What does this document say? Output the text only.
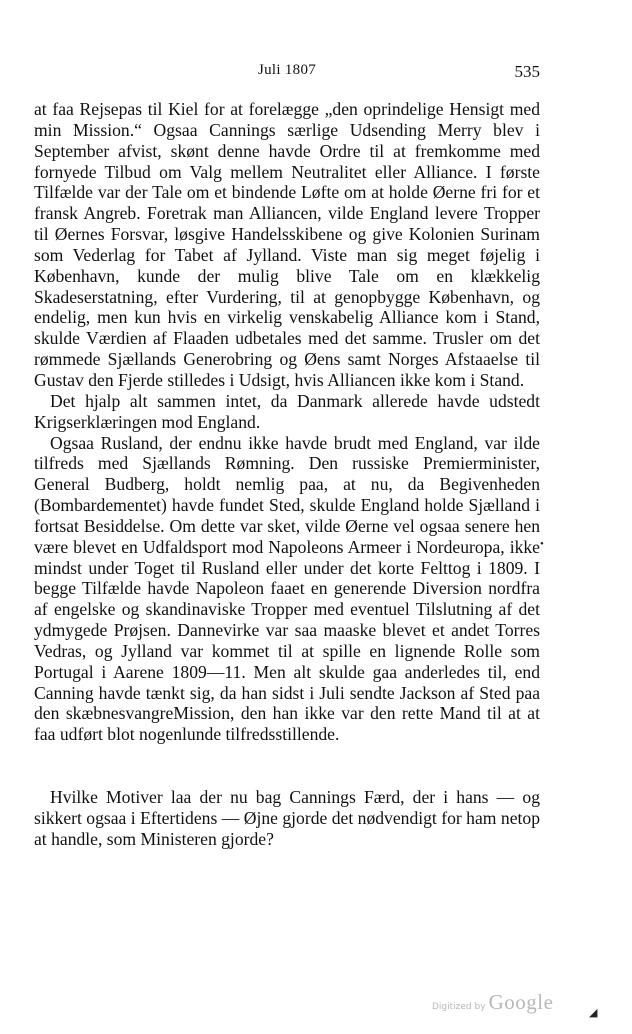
Juli 1807	535

at faa Rejsepas til Kiel for at forelægge „den oprindelige Hensigt med min Mission.“ Ogsaa Cannings særlige Udsending Merry blev i September afvist, skønt denne havde Ordre til at fremkomme med fornyede Tilbud om Valg mellem Neutralitet eller Alliance. I første Tilfælde var der Tale om et bindende Løfte om at holde Øerne fri for et fransk Angreb. Foretrak man Alliancen, vilde England levere Tropper til Øernes Forsvar, løsgive Handelsskibene og give Kolonien Surinam som Vederlag for Tabet af Jylland. Viste man sig meget føjelig i København, kunde der mulig blive Tale om en klækkelig Skadeserstatning, efter Vurdering, til at genopbygge København, og endelig, men kun hvis en virkelig venskabelig Alliance kom i Stand, skulde Værdien af Flaaden udbetales med det samme. Trusler om det rømmede Sjællands Generobring og Øens samt Norges Afstaaelse til Gustav den Fjerde stilledes i Udsigt, hvis Alliancen ikke kom i Stand.

Det hjalp alt sammen intet, da Danmark allerede havde udstedt Krigserklæringen mod England.

Ogsaa Rusland, der endnu ikke havde brudt med England, var ilde tilfreds med Sjællands Rømning. Den russiske Premierminister, General Budberg, holdt nemlig paa, at nu, da Begivenheden (Bombardementet) havde fundet Sted, skulde England holde Sjælland i fortsat Besiddelse. Om dette var sket, vilde Øerne vel ogsaa senere hen være blevet en Udfaldsport mod Napoleons Armeer i Nordeuropa, ikke mindst under Toget til Rusland eller under det korte Felttog i 1809. I begge Tilfælde havde Napoleon faaet en generende Diversion nordfra af engelske og skandinaviske Tropper med eventuel Tilslutning af det ydmygede Prøjsen. Dannevirke var saa maaske blevet et andet Torres Vedras, og Jylland var kommet til at spille en lignende Rolle som Portugal i Aarene 1809—11. Men alt skulde gaa anderledes til, end Canning havde tænkt sig, da han sidst i Juli sendte Jackson af Sted paa den skæbnesvangreMission, den han ikke var den rette Mand til at at faa udført blot nogenlunde tilfredsstillende.

Hvilke Motiver laa der nu bag Cannings Færd, der i hans — og sikkert ogsaa i Eftertidens — Øjne gjorde det nødvendigt for ham netop at handle, som Ministeren gjorde?

•
Digitized by Google	◢
